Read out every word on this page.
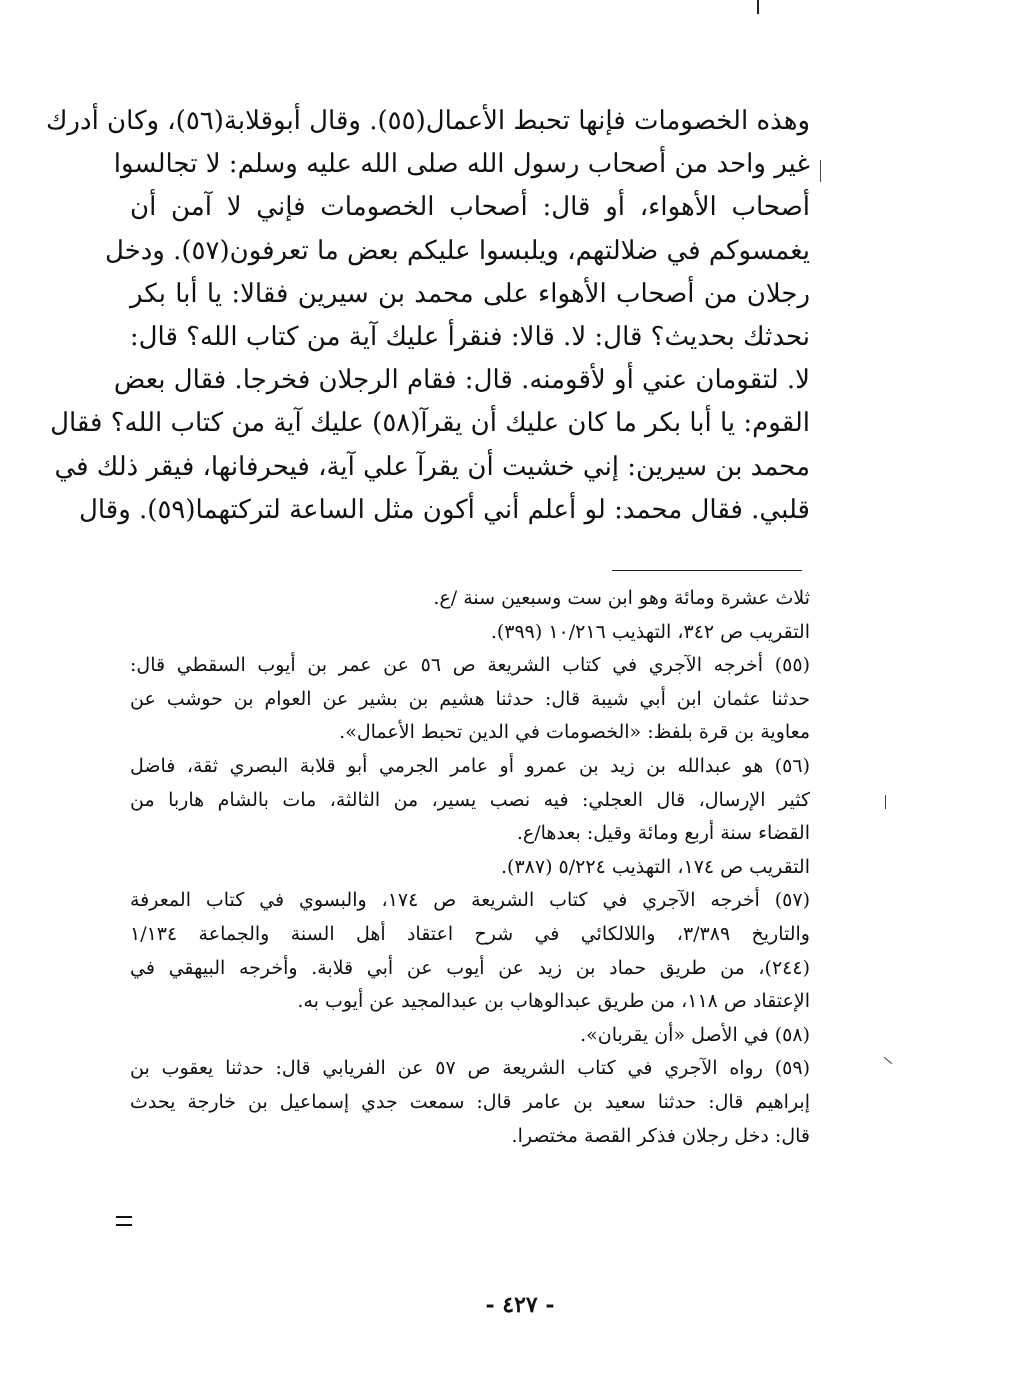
وهذه الخصومات فإنها تحبط الأعمال(٥٥). وقال أبوقلابة(٥٦)، وكان أدرك
غير واحد من أصحاب رسول الله صلى الله عليه وسلم: لا تجالسوا
أصحاب الأهواء، أو قال: أصحاب الخصومات فإني لا آمن أن
يغمسوكم في ضلالتهم، ويلبسوا عليكم بعض ما تعرفون(٥٧). ودخل
رجلان من أصحاب الأهواء على محمد بن سيرين فقالا: يا أبا بكر
نحدثك بحديث؟ قال: لا. قالا: فنقرأ عليك آية من كتاب الله؟ قال:
لا. لتقومان عني أو لأقومنه. قال: فقام الرجلان فخرجا. فقال بعض
القوم: يا أبا بكر ما كان عليك أن يقرآ(٥٨) عليك آية من كتاب الله؟ فقال
محمد بن سيرين: إني خشيت أن يقرآ علي آية، فيحرفانها، فيقر ذلك في
قلبي. فقال محمد: لو أعلم أني أكون مثل الساعة لتركتهما(٥٩). وقال
ثلاث عشرة ومائة وهو ابن ست وسبعين سنة /ع.
التقريب ص ٣٤٢، التهذيب ١٠/٢١٦ (٣٩٩).
(٥٥) أخرجه الآجري في كتاب الشريعة ص ٥٦ عن عمر بن أيوب السقطي قال:
حدثنا عثمان ابن أبي شيبة قال: حدثنا هشيم بن بشير عن العوام بن حوشب عن
معاوية بن قرة بلفظ: «الخصومات في الدين تحبط الأعمال».
(٥٦) هو عبدالله بن زيد بن عمرو أو عامر الجرمي أبو قلابة البصري ثقة، فاضل
كثير الإرسال، قال العجلي: فيه نصب يسير، من الثالثة، مات بالشام هاربا من
القضاء سنة أربع ومائة وقيل: بعدها/ع.
التقريب ص ١٧٤، التهذيب ٥/٢٢٤ (٣٨٧).
(٥٧) أخرجه الآجري في كتاب الشريعة ص ١٧٤، والبسوي في كتاب المعرفة
والتاريخ ٣/٣٨٩، واللالكائي في شرح اعتقاد أهل السنة والجماعة ١/١٣٤
(٢٤٤)، من طريق حماد بن زيد عن أيوب عن أبي قلابة. وأخرجه البيهقي في
الإعتقاد ص ١١٨، من طريق عبدالوهاب بن عبدالمجيد عن أيوب به.
(٥٨) في الأصل «أن يقربان».
(٥٩) رواه الآجري في كتاب الشريعة ص ٥٧ عن الفريابي قال: حدثنا يعقوب بن
إبراهيم قال: حدثنا سعيد بن عامر قال: سمعت جدي إسماعيل بن خارجة يحدث
قال: دخل رجلان فذكر القصة مختصرا.
- ٤٢٧ -
